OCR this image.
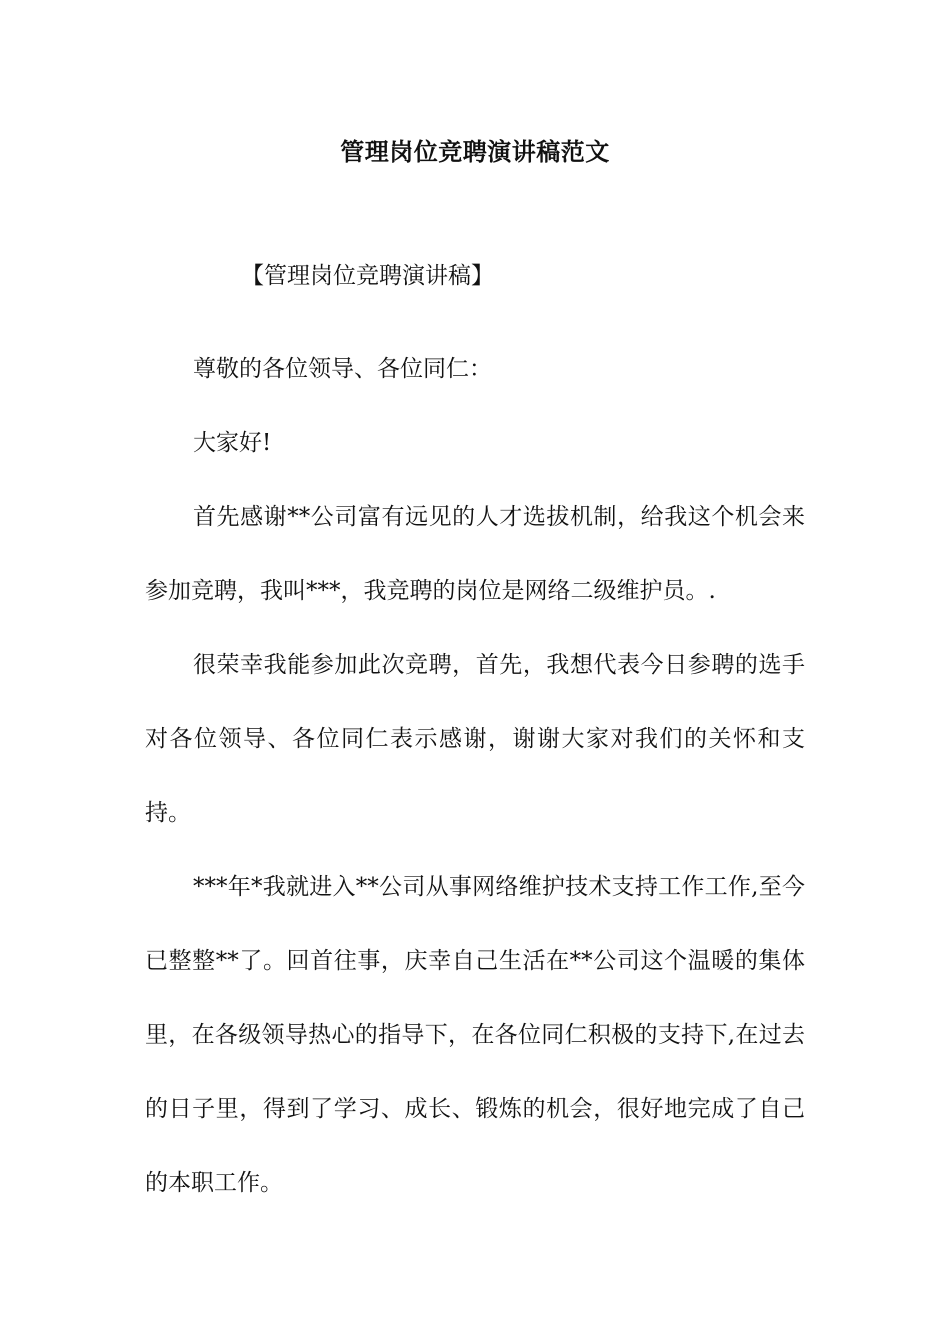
管理岗位竞聘演讲稿范文
【管理岗位竞聘演讲稿】

尊敬的各位领导、各位同仁：

大家好!

首先感谢**公司富有远见的人才选拔机制，给我这个机会来参加竞聘，我叫***，我竞聘的岗位是网络二级维护员。.

很荣幸我能参加此次竞聘，首先，我想代表今日参聘的选手对各位领导、各位同仁表示感谢，谢谢大家对我们的关怀和支持。

***年*我就进入**公司从事网络维护技术支持工作工作,至今已整整**了。回首往事，庆幸自己生活在**公司这个温暖的集体里，在各级领导热心的指导下，在各位同仁积极的支持下,在过去的日子里，得到了学习、成长、锻炼的机会，很好地完成了自己的本职工作。
